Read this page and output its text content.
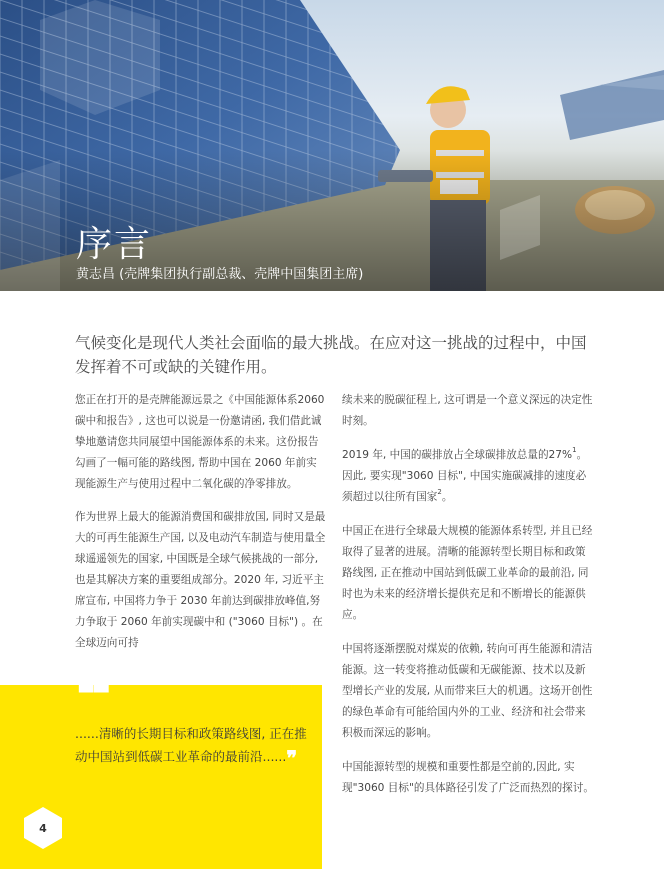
序言

黄志昌 (壳牌集团执行副总裁、壳牌中国集团主席)

气候变化是现代人类社会面临的最大挑战。在应对这一挑战的过程中，中国发挥着不可或缺的关键作用。

您正在打开的是壳牌能源远景之《中国能源体系2060 碳中和报告》, 这也可以说是一份邀请函, 我们借此诚挚地邀请您共同展望中国能源体系的未来。这份报告勾画了一幅可能的路线图, 帮助中国在 2060 年前实现能源生产与使用过程中二氧化碳的净零排放。

作为世界上最大的能源消费国和碳排放国, 同时又是最大的可再生能源生产国, 以及电动汽车制造与使用量全球遥遥领先的国家, 中国既是全球气候挑战的一部分, 也是其解决方案的重要组成部分。2020 年, 习近平主席宣布, 中国将力争于 2030 年前达到碳排放峰值,努力争取于 2060 年前实现碳中和 ("3060 目标") 。在全球迈向可持

续未来的脱碳征程上, 这可谓是一个意义深远的决定性时刻。

2019 年, 中国的碳排放占全球碳排放总量的27%$^1$。因此, 要实现"3060 目标", 中国实施碳减排的速度必须超过以往所有国家$^2$。

中国正在进行全球最大规模的能源体系转型, 并且已经取得了显著的进展。清晰的能源转型长期目标和政策路线图, 正在推动中国站到低碳工业革命的最前沿, 同时也为未来的经济增长提供充足和不断增长的能源供应。

中国将逐渐摆脱对煤炭的依赖, 转向可再生能源和清洁能源。这一转变将推动低碳和无碳能源、技术以及新型增长产业的发展, 从而带来巨大的机遇。这场开创性的绿色革命有可能给国内外的工业、经济和社会带来积极而深远的影响。

中国能源转型的规模和重要性都是空前的,因此, 实现"3060 目标"的具体路径引发了广泛而热烈的探讨。

❝

......清晰的长期目标和政策路线图, 正在推动中国站到低碳工业革命的最前沿......❞

4
